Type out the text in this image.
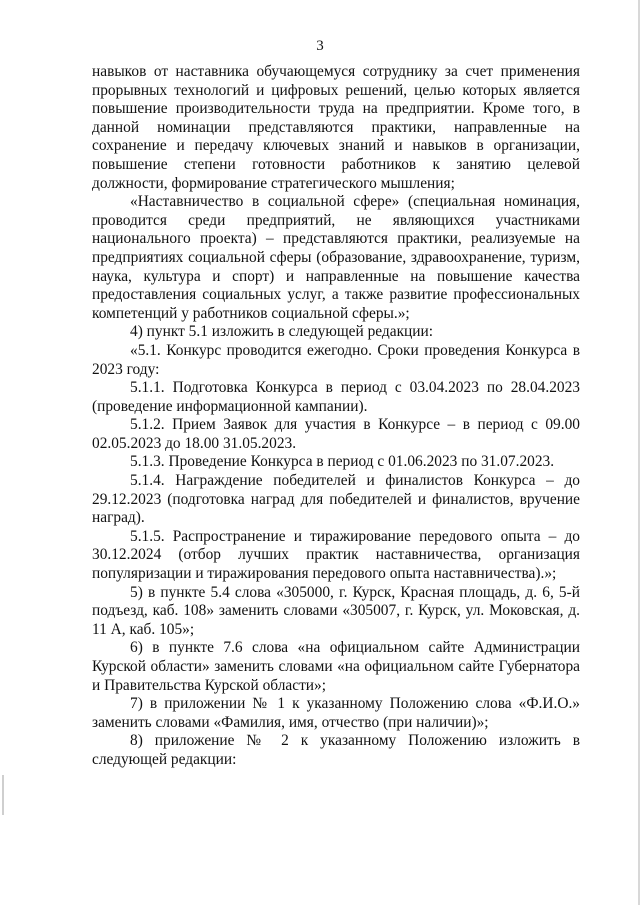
3

навыков от наставника обучающемуся сотруднику за счет применения прорывных технологий и цифровых решений, целью которых является повышение производительности труда на предприятии. Кроме того, в данной номинации представляются практики, направленные на сохранение и передачу ключевых знаний и навыков в организации, повышение степени готовности работников к занятию целевой должности, формирование стратегического мышления;

«Наставничество в социальной сфере» (специальная номинация, проводится среди предприятий, не являющихся участниками национального проекта) – представляются практики, реализуемые на предприятиях социальной сферы (образование, здравоохранение, туризм, наука, культура и спорт) и направленные на повышение качества предоставления социальных услуг, а также развитие профессиональных компетенций у работников социальной сферы.»;

4) пункт 5.1 изложить в следующей редакции:

«5.1. Конкурс проводится ежегодно. Сроки проведения Конкурса в 2023 году:

5.1.1. Подготовка Конкурса в период с 03.04.2023 по 28.04.2023 (проведение информационной кампании).

5.1.2. Прием Заявок для участия в Конкурсе – в период с 09.00 02.05.2023 до 18.00 31.05.2023.

5.1.3. Проведение Конкурса в период с 01.06.2023 по 31.07.2023.

5.1.4. Награждение победителей и финалистов Конкурса – до 29.12.2023 (подготовка наград для победителей и финалистов, вручение наград).

5.1.5. Распространение и тиражирование передового опыта – до 30.12.2024 (отбор лучших практик наставничества, организация популяризации и тиражирования передового опыта наставничества).»;

5) в пункте 5.4 слова «305000, г. Курск, Красная площадь, д. 6, 5-й подъезд, каб. 108» заменить словами «305007, г. Курск, ул. Моковская, д. 11 А, каб. 105»;

6) в пункте 7.6 слова «на официальном сайте Администрации Курской области» заменить словами «на официальном сайте Губернатора и Правительства Курской области»;

7) в приложении № 1 к указанному Положению слова «Ф.И.О.» заменить словами «Фамилия, имя, отчество (при наличии)»;

8) приложение № 2 к указанному Положению изложить в следующей редакции:
